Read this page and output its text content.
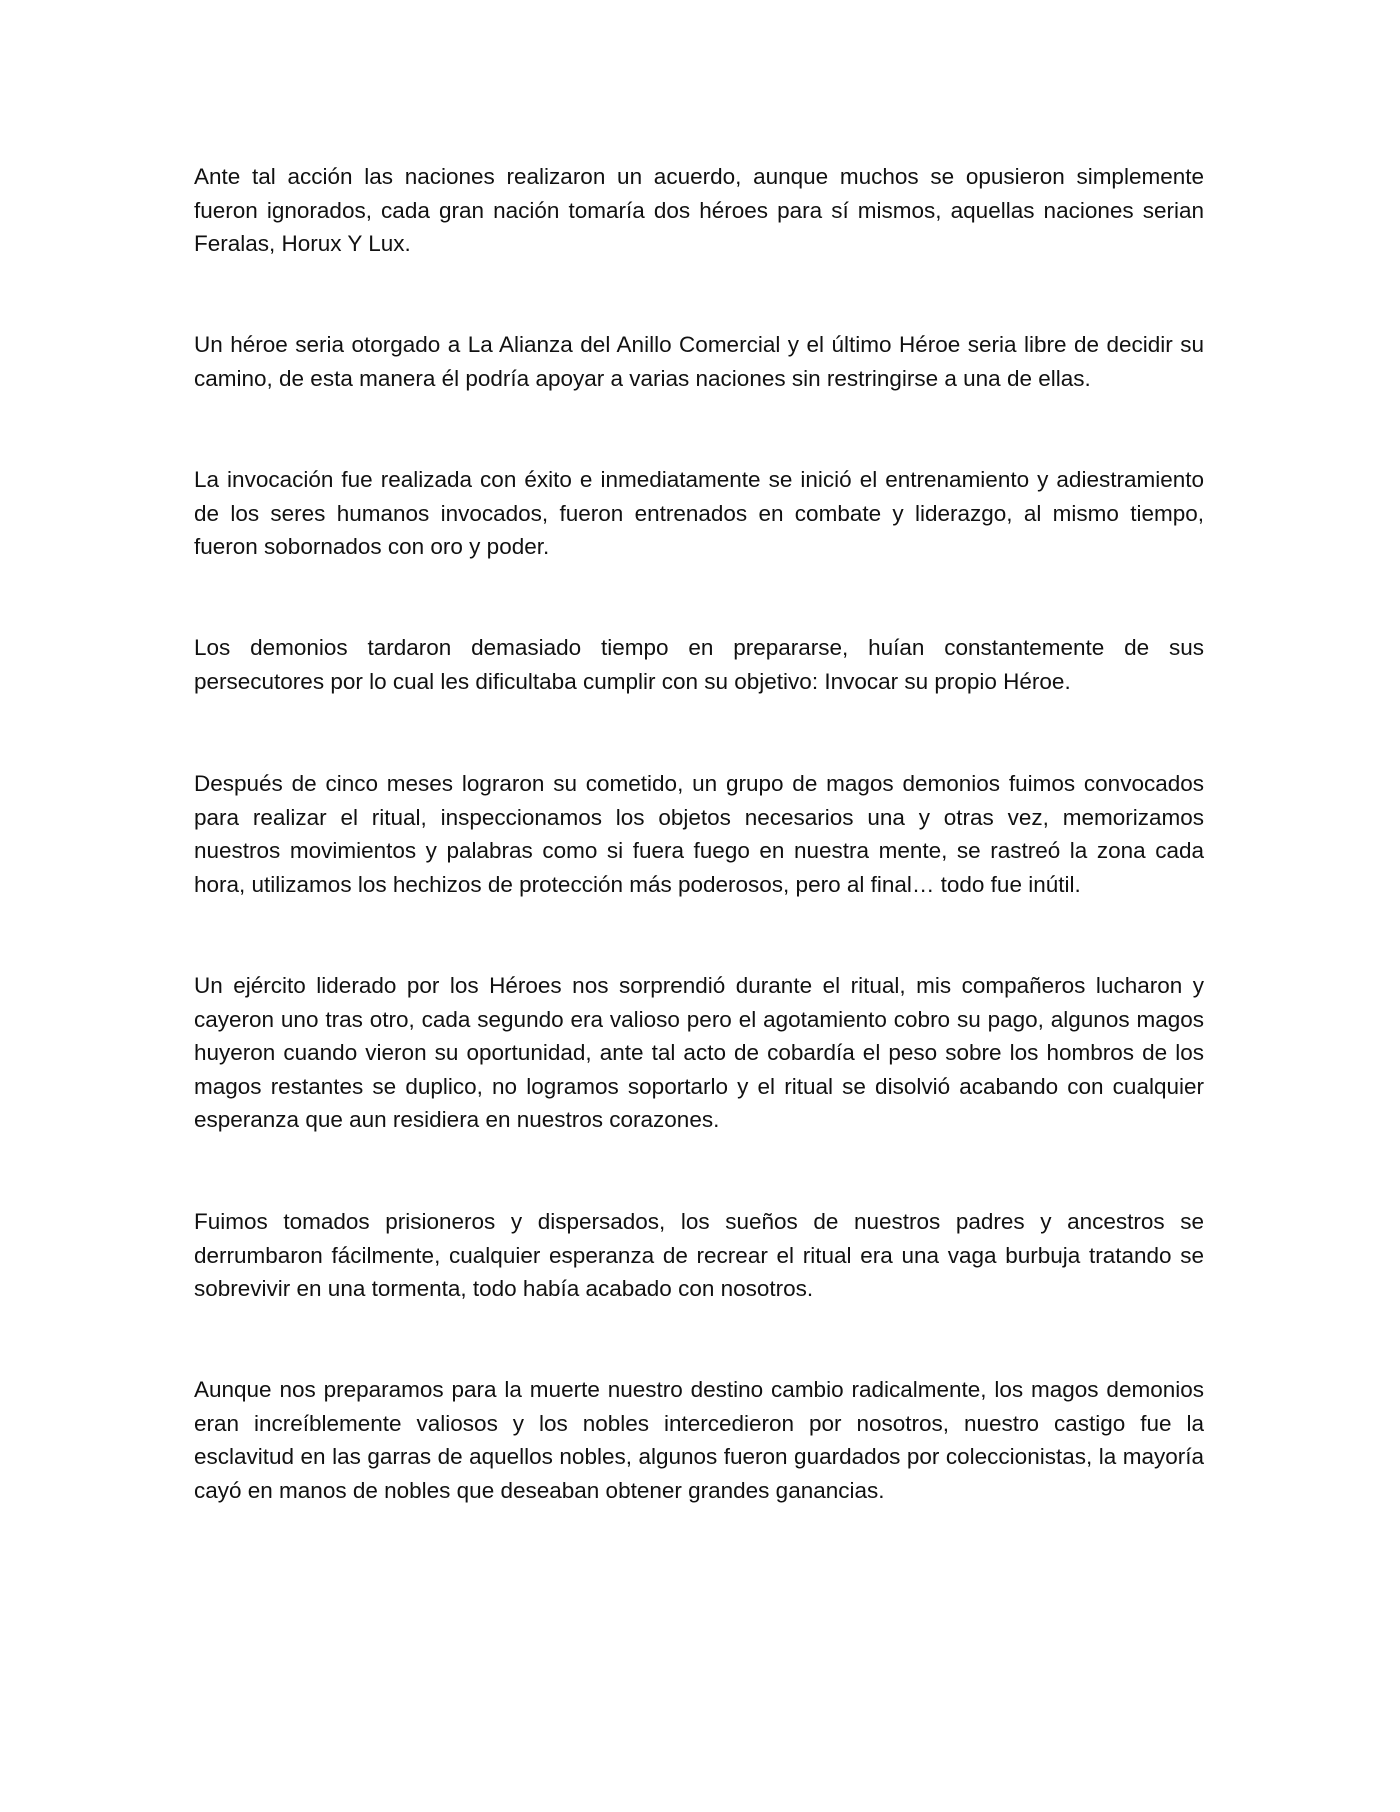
Ante tal acción las naciones realizaron un acuerdo, aunque muchos se opusieron simplemente fueron ignorados, cada gran nación tomaría dos héroes para sí mismos, aquellas naciones serian Feralas, Horux Y Lux.

Un héroe seria otorgado a La Alianza del Anillo Comercial y el último Héroe seria libre de decidir su camino, de esta manera él podría apoyar a varias naciones sin restringirse a una de ellas.

La invocación fue realizada con éxito e inmediatamente se inició el entrenamiento y adiestramiento de los seres humanos invocados, fueron entrenados en combate y liderazgo, al mismo tiempo, fueron sobornados con oro y poder.

Los demonios tardaron demasiado tiempo en prepararse, huían constantemente de sus persecutores por lo cual les dificultaba cumplir con su objetivo: Invocar su propio Héroe.

Después de cinco meses lograron su cometido, un grupo de magos demonios fuimos convocados para realizar el ritual, inspeccionamos los objetos necesarios una y otras vez, memorizamos nuestros movimientos y palabras como si fuera fuego en nuestra mente, se rastreó la zona cada hora, utilizamos los hechizos de protección más poderosos, pero al final… todo fue inútil.

Un ejército liderado por los Héroes nos sorprendió durante el ritual, mis compañeros lucharon y cayeron uno tras otro, cada segundo era valioso pero el agotamiento cobro su pago, algunos magos huyeron cuando vieron su oportunidad, ante tal acto de cobardía el peso sobre los hombros de los magos restantes se duplico, no logramos soportarlo y el ritual se disolvió acabando con cualquier esperanza que aun residiera en nuestros corazones.

Fuimos tomados prisioneros y dispersados, los sueños de nuestros padres y ancestros se derrumbaron fácilmente, cualquier esperanza de recrear el ritual era una vaga burbuja tratando se sobrevivir en una tormenta, todo había acabado con nosotros.

Aunque nos preparamos para la muerte nuestro destino cambio radicalmente, los magos demonios eran increíblemente valiosos y los nobles intercedieron por nosotros, nuestro castigo fue la esclavitud en las garras de aquellos nobles, algunos fueron guardados por coleccionistas, la mayoría cayó en manos de nobles que deseaban obtener grandes ganancias.
